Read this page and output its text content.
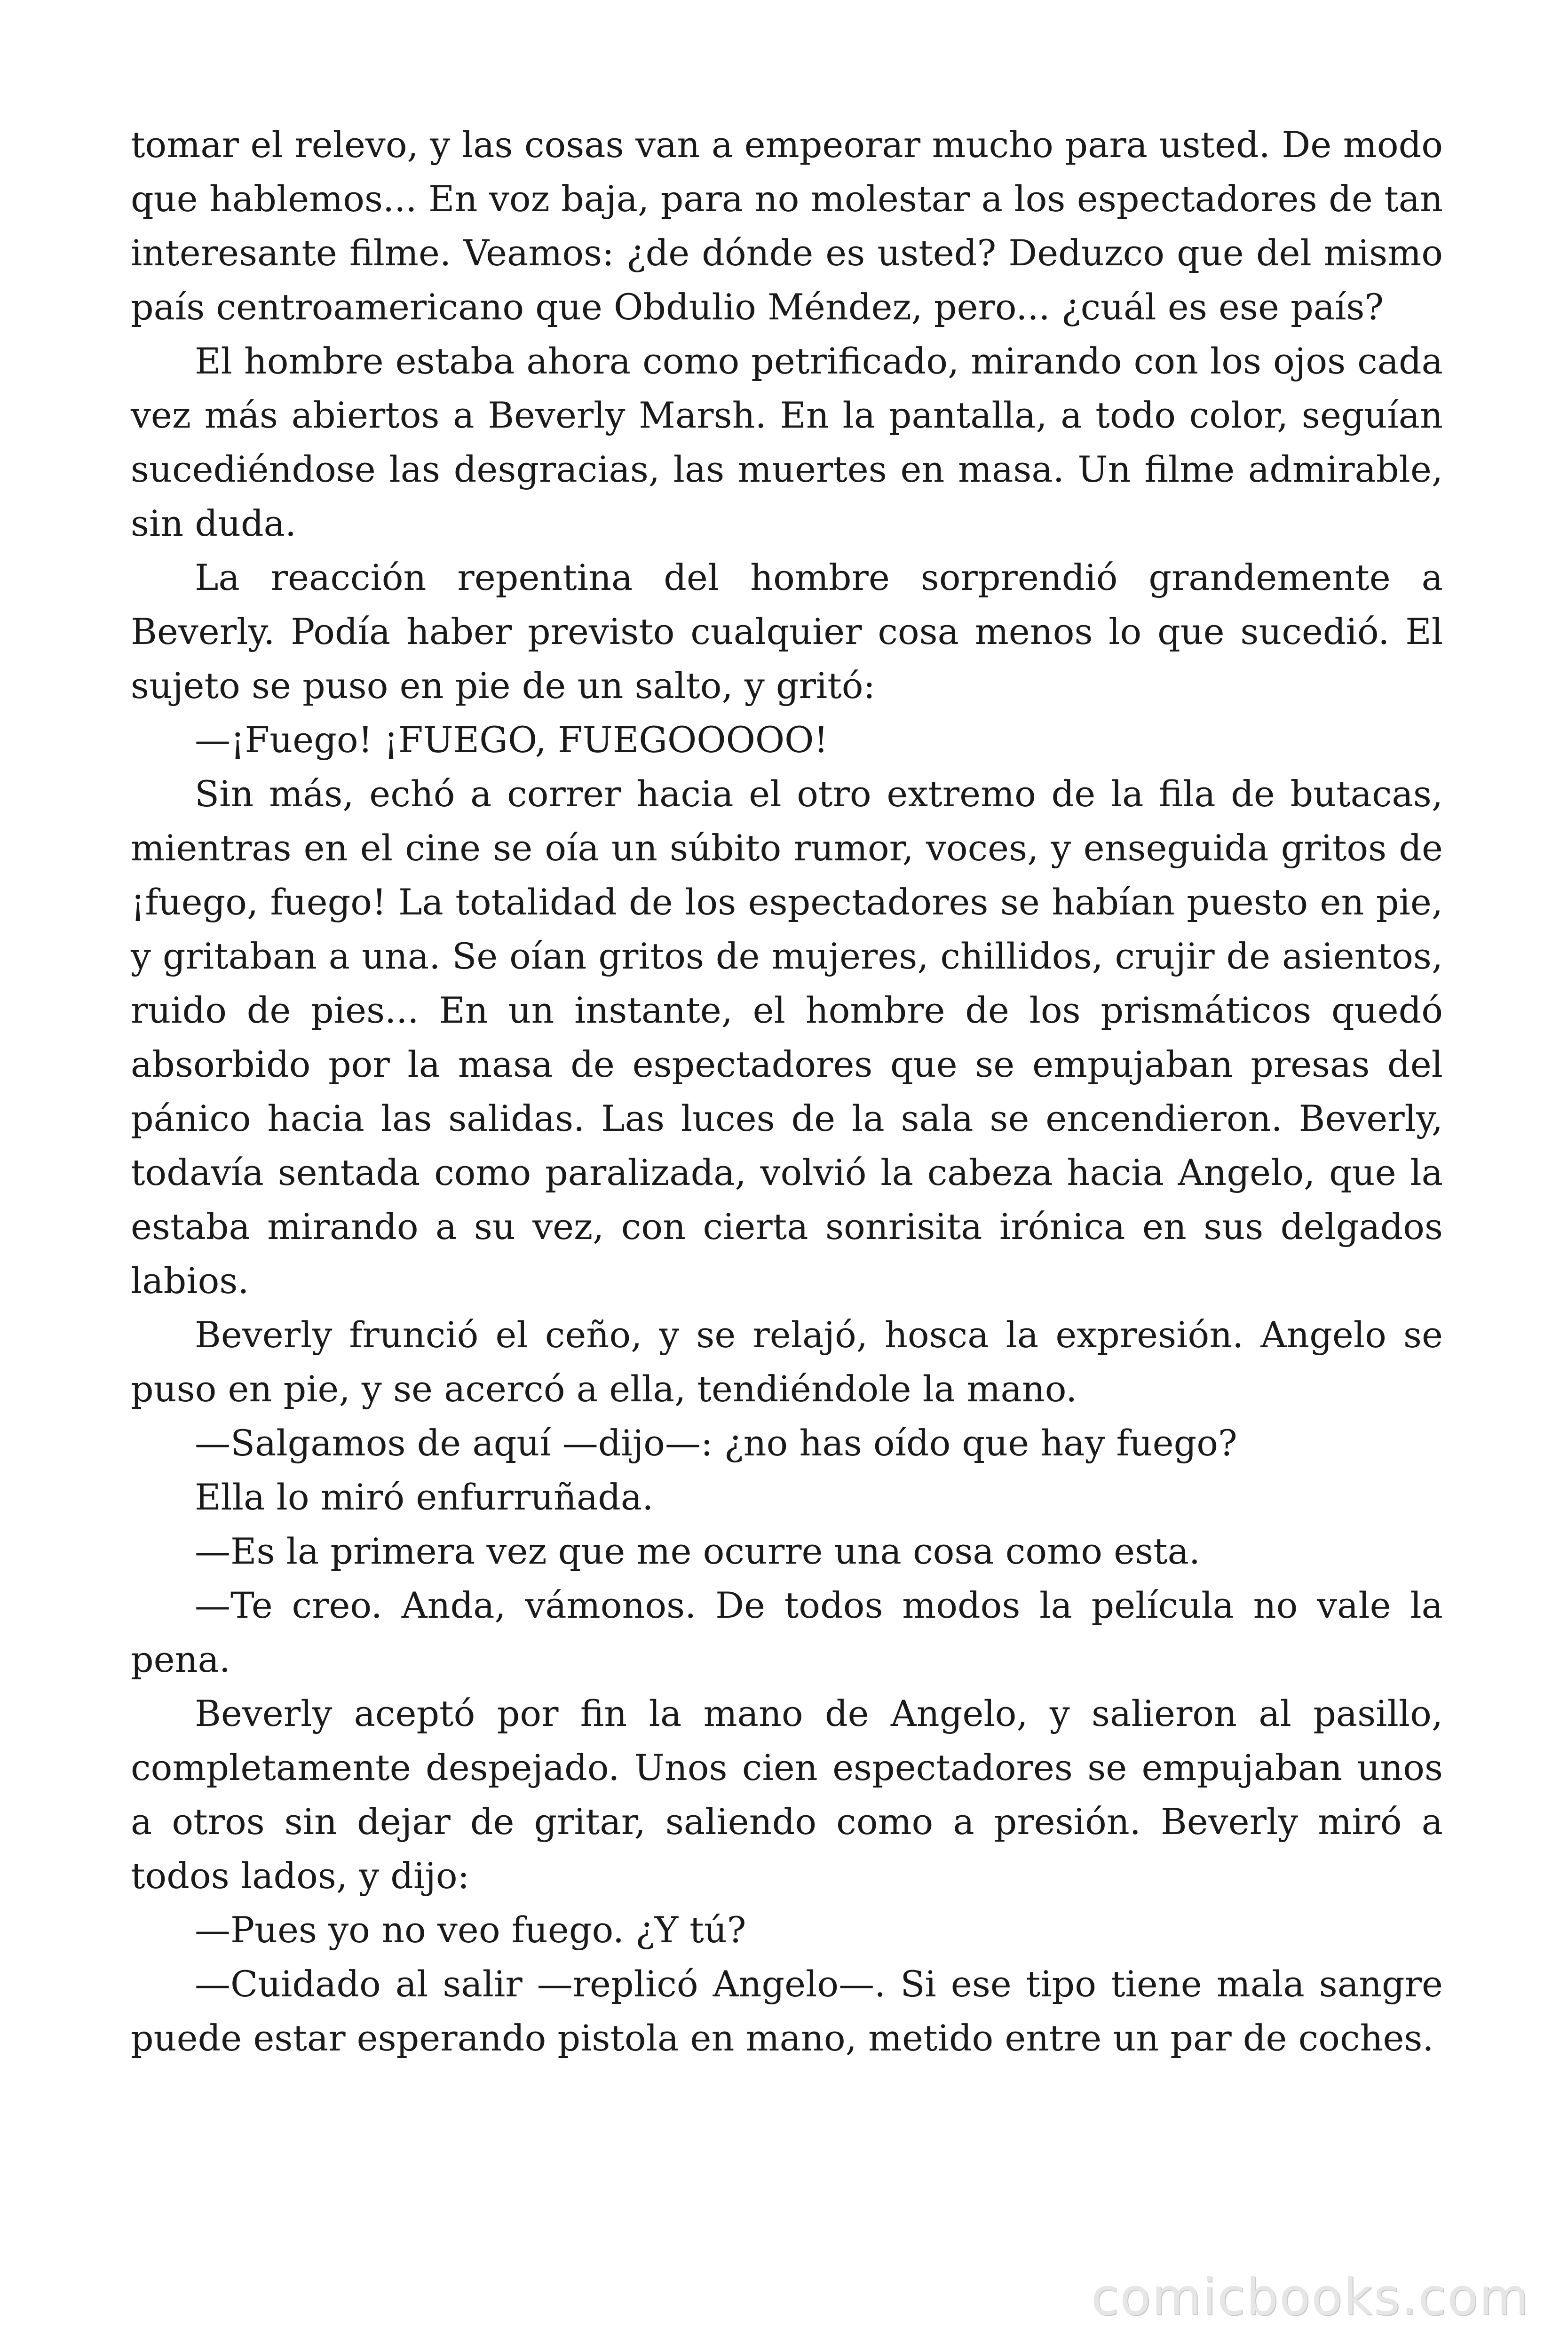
tomar el relevo, y las cosas van a empeorar mucho para usted. De modo que hablemos... En voz baja, para no molestar a los espectadores de tan interesante filme. Veamos: ¿de dónde es usted? Deduzco que del mismo país centroamericano que Obdulio Méndez, pero... ¿cuál es ese país?

El hombre estaba ahora como petrificado, mirando con los ojos cada vez más abiertos a Beverly Marsh. En la pantalla, a todo color, seguían sucediéndose las desgracias, las muertes en masa. Un filme admirable, sin duda.

La reacción repentina del hombre sorprendió grandemente a Beverly. Podía haber previsto cualquier cosa menos lo que sucedió. El sujeto se puso en pie de un salto, y gritó:

—¡Fuego! ¡FUEGO, FUEGOOOOO!

Sin más, echó a correr hacia el otro extremo de la fila de butacas, mientras en el cine se oía un súbito rumor, voces, y enseguida gritos de ¡fuego, fuego! La totalidad de los espectadores se habían puesto en pie, y gritaban a una. Se oían gritos de mujeres, chillidos, crujir de asientos, ruido de pies... En un instante, el hombre de los prismáticos quedó absorbido por la masa de espectadores que se empujaban presas del pánico hacia las salidas. Las luces de la sala se encendieron. Beverly, todavía sentada como paralizada, volvió la cabeza hacia Angelo, que la estaba mirando a su vez, con cierta sonrisita irónica en sus delgados labios.

Beverly frunció el ceño, y se relajó, hosca la expresión. Angelo se puso en pie, y se acercó a ella, tendiéndole la mano.

—Salgamos de aquí —dijo—: ¿no has oído que hay fuego?

Ella lo miró enfurruñada.

—Es la primera vez que me ocurre una cosa como esta.

—Te creo. Anda, vámonos. De todos modos la película no vale la pena.

Beverly aceptó por fin la mano de Angelo, y salieron al pasillo, completamente despejado. Unos cien espectadores se empujaban unos a otros sin dejar de gritar, saliendo como a presión. Beverly miró a todos lados, y dijo:

—Pues yo no veo fuego. ¿Y tú?

—Cuidado al salir —replicó Angelo—. Si ese tipo tiene mala sangre puede estar esperando pistola en mano, metido entre un par de coches.

comicbooks.com
